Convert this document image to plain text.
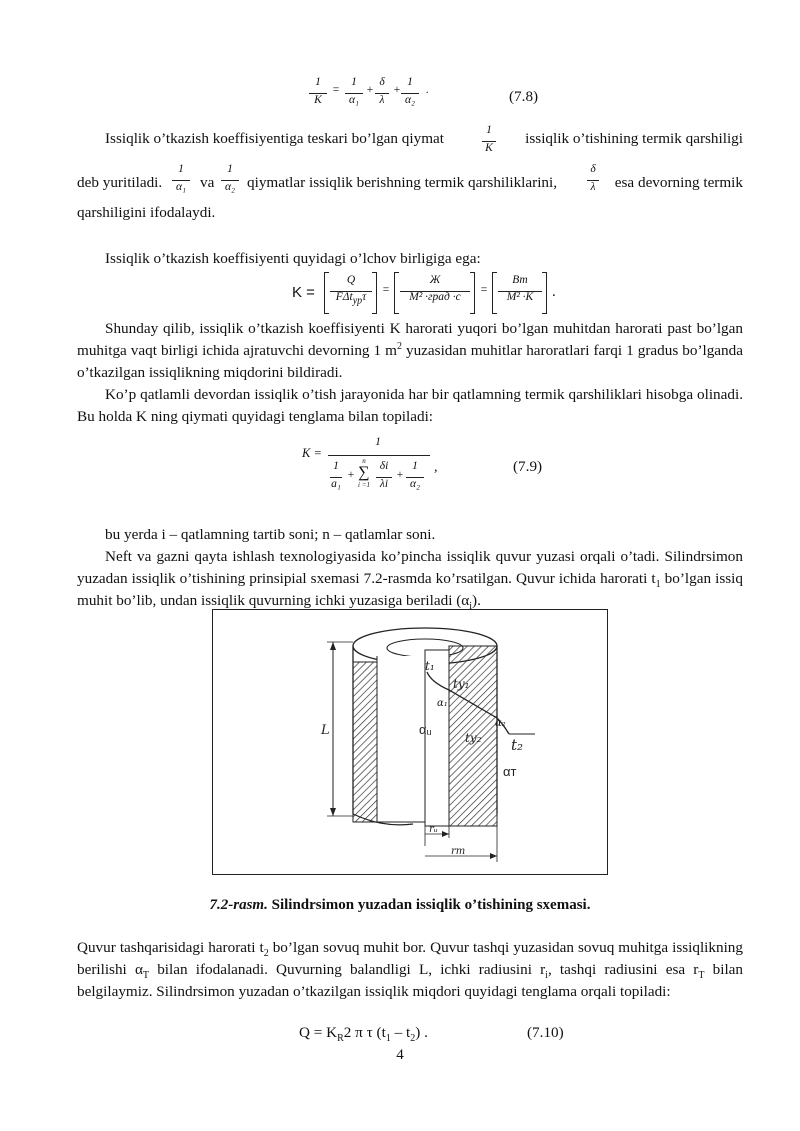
1
K
=
1
α₁
+
δ
λ
+
1
α₂
.	(7.8)
Issiqlik o’tkazish koeffisiyentiga teskari bo’lgan qiymat	1
K
issiqlik o’tishining termik qarshiligi
deb yuritiladi.
1
α₁ va
1
α₂ qiymatlar issiqlik berishning termik qarshiliklarini,
δ
λ esa devorning termik
qarshiligini ifodalaydi.
Issiqlik o’tkazish koeffisiyenti quyidagi o’lchov birligiga ega:
K =
Q
FΔt$_{yp}$τ
=
Ж
М² ·град ·с
=
Вт
М² ·К	.
Shunday qilib, issiqlik o’tkazish koeffisiyenti K harorati yuqori bo’lgan muhitdan harorati past bo’lgan muhitga vaqt birligi ichida ajratuvchi devorning 1 $m^2$ yuzasidan muhitlar haroratlari farqi 1 gradus bo’lganda o’tkazilgan issiqlikning miqdorini bildiradi.
Ko’p qatlamli devordan issiqlik o’tish jarayonida har bir qatlamning termik qarshiliklari hisobga olinadi. Bu holda K ning qiymati quyidagi tenglama bilan topiladi:
K =
1
1
a₁
+
n
∑
i =1
δi
λi
+
1
α₂
,	(7.9)
bu yerda i – qatlamning tartib soni; n – qatlamlar soni.
Neft va gazni qayta ishlash texnologiyasida ko’pincha issiqlik quvur yuzasi orqali o’tadi. Silindrsimon yuzadan issiqlik o’tishining prinsipial sxemasi 7.2-rasmda ko’rsatilgan. Quvur ichida harorati $t_1$ bo’lgan issiq muhit bo’lib, undan issiqlik quvurning ichki yuzasiga beriladi $(\alpha_i)$.
L
t₁
ty₁
α₁
ty₂
α₂
t₂
αᵤ
αт
rᵤ
rт
7.2-rasm. Silindrsimon yuzadan issiqlik o’tishining sxemasi.
Quvur tashqarisidagi harorati $t_2$ bo’lgan sovuq muhit bor. Quvur tashqi yuzasidan sovuq muhitga issiqlikning berilishi $\alpha_T$ bilan ifodalanadi. Quvurning balandligi L, ichki radiusini $r_i$, tashqi radiusini esa $r_T$ bilan belgilaymiz. Silindrsimon yuzadan o’tkazilgan issiqlik miqdori quyidagi tenglama orqali topiladi:
$Q = K_R2$ π τ $(t_1 - t_2)$ .	(7.10)
4
